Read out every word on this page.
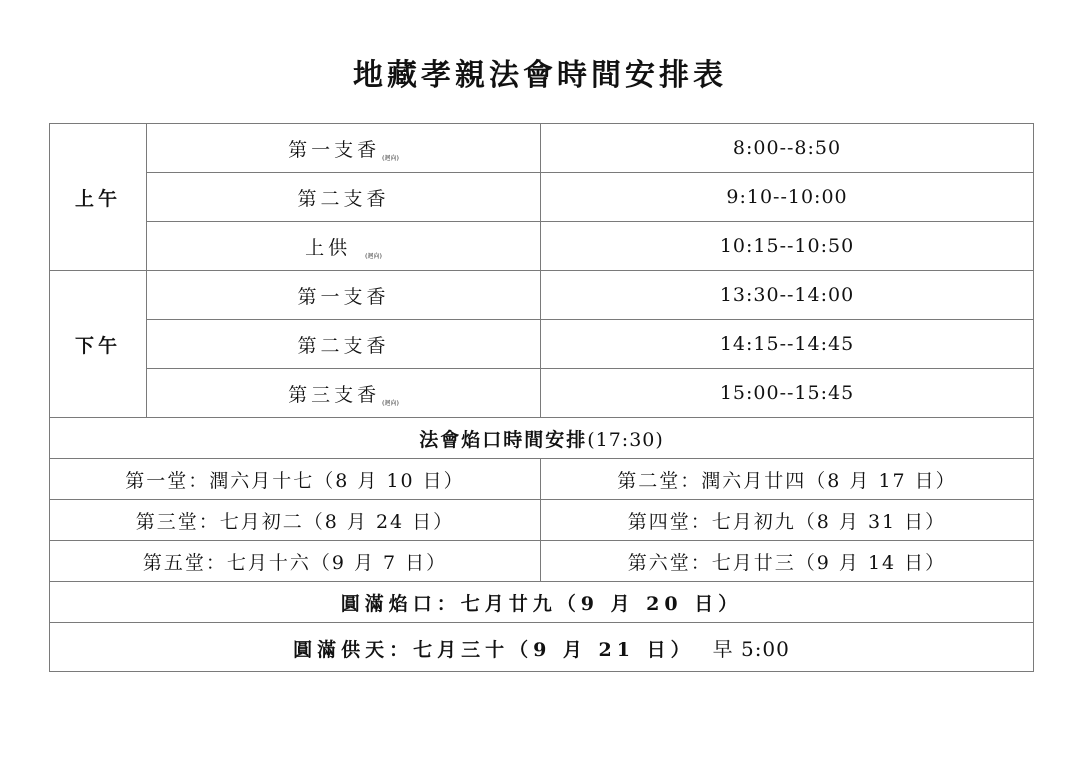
地藏孝親法會時間安排表
上午	第一支香 $_{(迴向)}$	8:00--8:50
	第二支香	9:10--10:00
	上供 $_{(迴向)}$	10:15--10:50
下午	第一支香	13:30--14:00
	第二支香	14:15--14:45
	第三支香 $_{(迴向)}$	15:00--15:45
法會焰口時間安排(17:30)		
第一堂：潤六月十七（8 月 10 日）		第二堂：潤六月廿四（8 月 17 日）
第三堂：七月初二（8 月 24 日）		第四堂：七月初九（8 月 31 日）
第五堂：七月十六（9 月 7 日）		第六堂：七月廿三（9 月 14 日）
圓滿焰口：七月廿九（9 月 20 日）		
圓滿供天：七月三十（9 月 21 日） 早 5:00		
